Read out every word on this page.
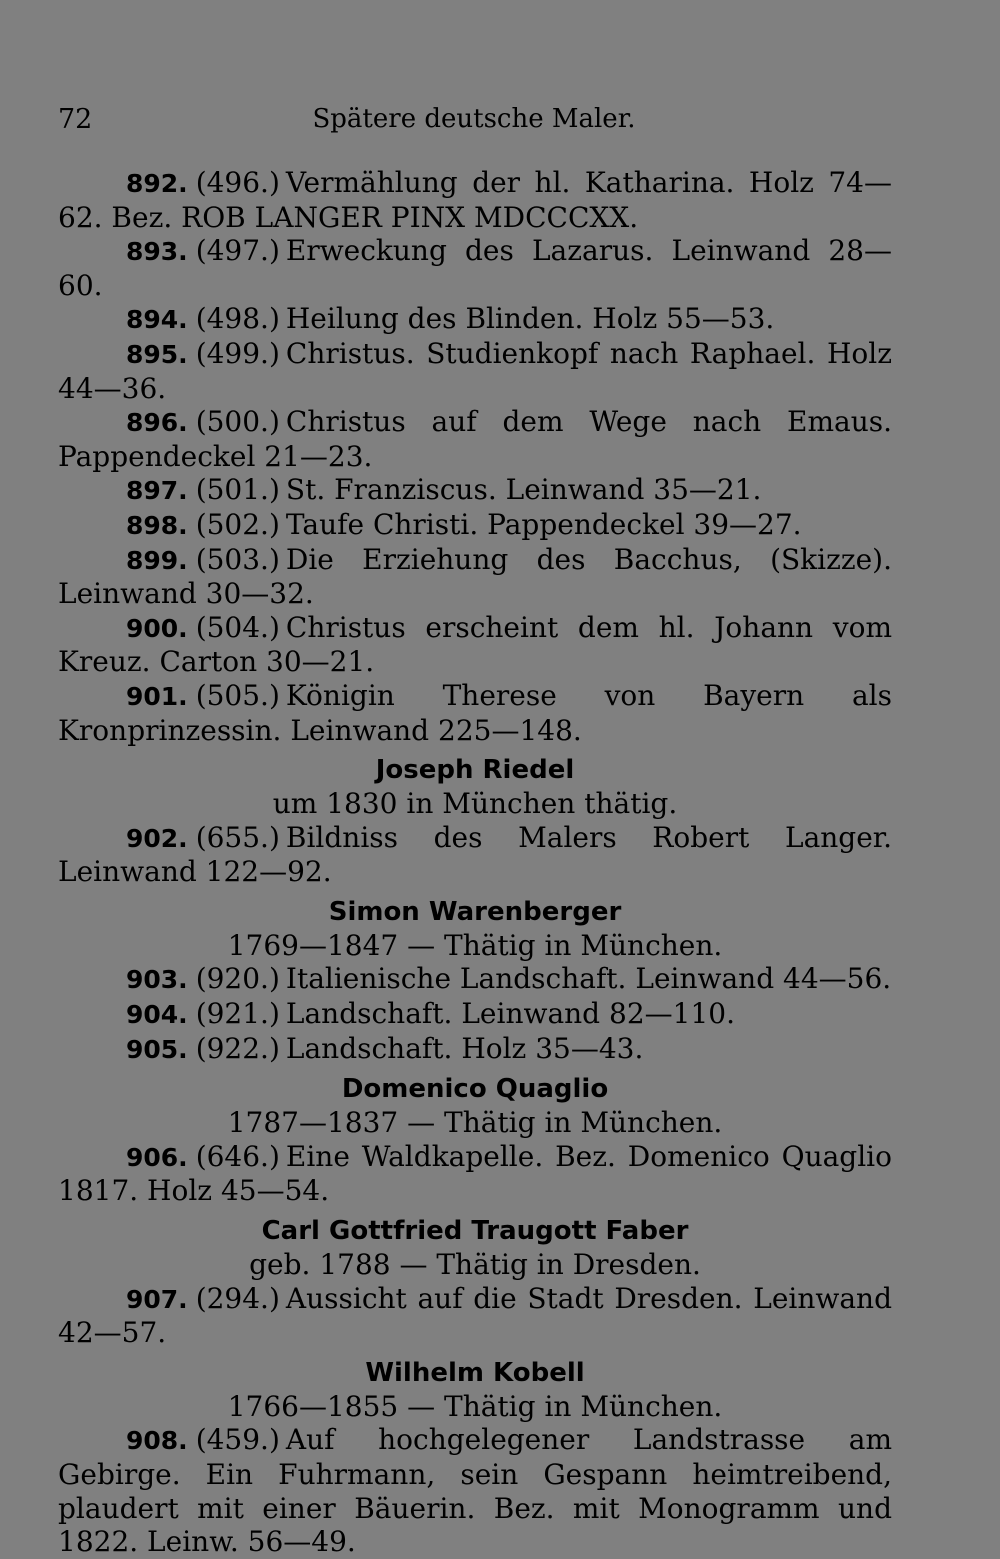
72	Spätere deutsche Maler.

892. (496.) Vermählung der hl. Katharina. Holz 74—62. Bez. ROB LANGER PINX MDCCCXX.

893. (497.) Erweckung des Lazarus. Leinwand 28—60.

894. (498.) Heilung des Blinden. Holz 55—53.

895. (499.) Christus. Studienkopf nach Raphael. Holz 44—36.

896. (500.) Christus auf dem Wege nach Emaus. Pappendeckel 21—23.

897. (501.) St. Franziscus. Leinwand 35—21.

898. (502.) Taufe Christi. Pappendeckel 39—27.

899. (503.) Die Erziehung des Bacchus, (Skizze). Leinwand 30—32.

900. (504.) Christus erscheint dem hl. Johann vom Kreuz. Carton 30—21.

901. (505.) Königin Therese von Bayern als Kronprinzessin. Leinwand 225—148.

Joseph Riedel
um 1830 in München thätig.

902. (655.) Bildniss des Malers Robert Langer. Leinwand 122—92.

Simon Warenberger
1769—1847 — Thätig in München.

903. (920.) Italienische Landschaft. Leinwand 44—56.

904. (921.) Landschaft. Leinwand 82—110.

905. (922.) Landschaft. Holz 35—43.

Domenico Quaglio
1787—1837 — Thätig in München.

906. (646.) Eine Waldkapelle. Bez. Domenico Quaglio 1817. Holz 45—54.

Carl Gottfried Traugott Faber
geb. 1788 — Thätig in Dresden.

907. (294.) Aussicht auf die Stadt Dresden. Leinwand 42—57.

Wilhelm Kobell
1766—1855 — Thätig in München.

908. (459.) Auf hochgelegener Landstrasse am Gebirge. Ein Fuhrmann, sein Gespann heimtreibend, plaudert mit einer Bäuerin. Bez. mit Monogramm und 1822. Leinw. 56—49.
